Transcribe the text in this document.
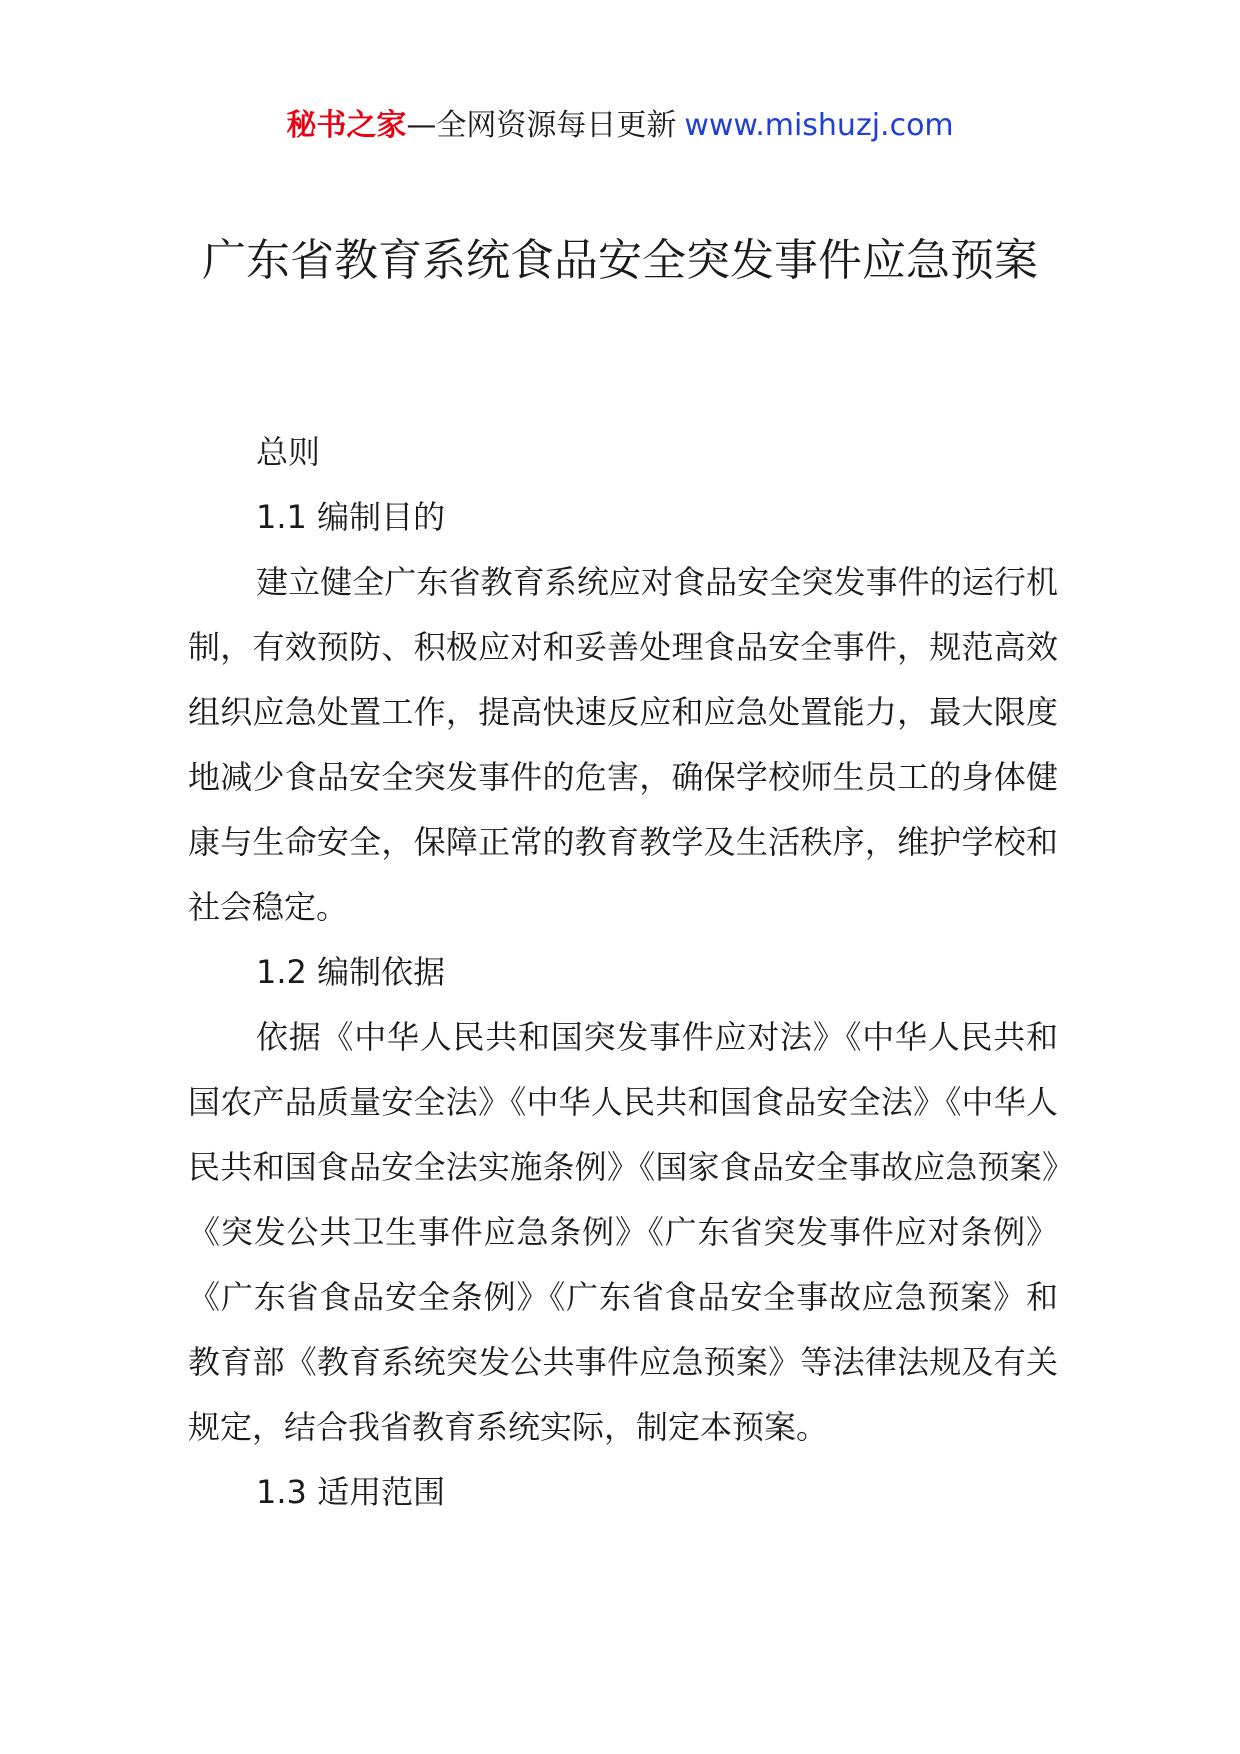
秘书之家—全网资源每日更新 www.mishuzj.com
广东省教育系统食品安全突发事件应急预案

总则

1.1 编制目的

建立健全广东省教育系统应对食品安全突发事件的运行机制，有效预防、积极应对和妥善处理食品安全事件，规范高效组织应急处置工作，提高快速反应和应急处置能力，最大限度地减少食品安全突发事件的危害，确保学校师生员工的身体健康与生命安全，保障正常的教育教学及生活秩序，维护学校和社会稳定。

1.2 编制依据

依据《中华人民共和国突发事件应对法》《中华人民共和国农产品质量安全法》《中华人民共和国食品安全法》《中华人民共和国食品安全法实施条例》《国家食品安全事故应急预案》《突发公共卫生事件应急条例》《广东省突发事件应对条例》《广东省食品安全条例》《广东省食品安全事故应急预案》和教育部《教育系统突发公共事件应急预案》等法律法规及有关规定，结合我省教育系统实际，制定本预案。

1.3 适用范围
